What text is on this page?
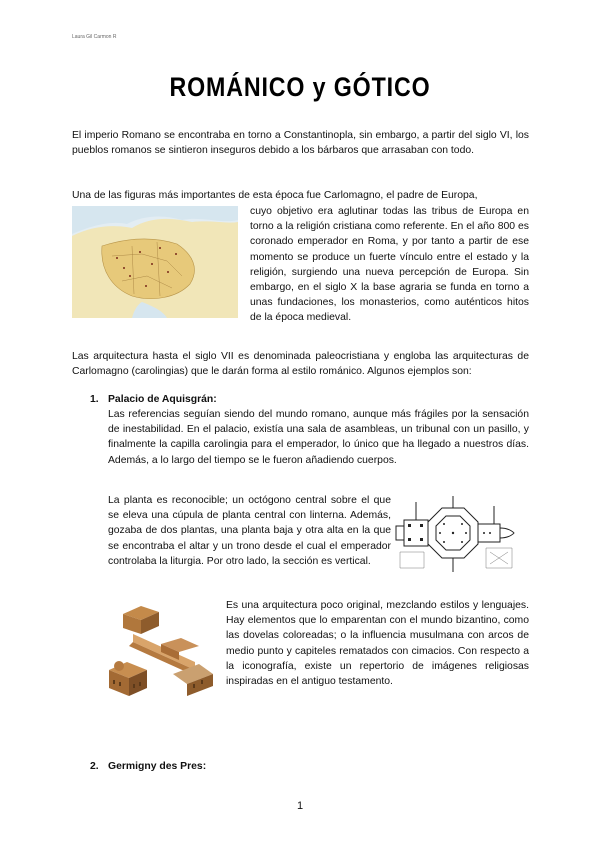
Laura Gil Carmon R
ROMÁNICO y GÓTICO

El imperio Romano se encontraba en torno a Constantinopla, sin embargo, a partir del siglo VI, los pueblos romanos se sintieron inseguros debido a los bárbaros que arrasaban con todo.

Una de las figuras más importantes de esta época fue Carlomagno, el padre de Europa,

cuyo objetivo era aglutinar todas las tribus de Europa en torno a la religión cristiana como referente. En el año 800 es coronado emperador en Roma, y por tanto a partir de ese momento se produce un fuerte vínculo entre el estado y la religión, surgiendo una nueva percepción de Europa. Sin embargo, en el siglo X la base agraria se funda en torno a unas fundaciones, los monasterios, como auténticos hitos de la época medieval.

Las arquitectura hasta el siglo VII es denominada paleocristiana y engloba las arquitecturas de Carlomagno (carolingias) que le darán forma al estilo románico. Algunos ejemplos son:

1. Palacio de Aquisgrán:

Las referencias seguían siendo del mundo romano, aunque más frágiles por la sensación de inestabilidad. En el palacio, existía una sala de asambleas, un tribunal con un pasillo, y finalmente la capilla carolingia para el emperador, lo único que ha llegado a nuestros días. Además, a lo largo del tiempo se le fueron añadiendo cuerpos.

La planta es reconocible; un octógono central sobre el que se eleva una cúpula de planta central con linterna. Además, gozaba de dos plantas, una planta baja y otra alta en la que se encontraba el altar y un trono desde el cual el emperador controlaba la liturgia. Por otro lado, la sección es vertical.

Es una arquitectura poco original, mezclando estilos y lenguajes. Hay elementos que lo emparentan con el mundo bizantino, como las dovelas coloreadas; o la influencia musulmana con arcos de medio punto y capiteles rematados con cimacios. Con respecto a la iconografía, existe un repertorio de imágenes religiosas inspiradas en el antiguo testamento.

2. Germigny des Pres:
1
